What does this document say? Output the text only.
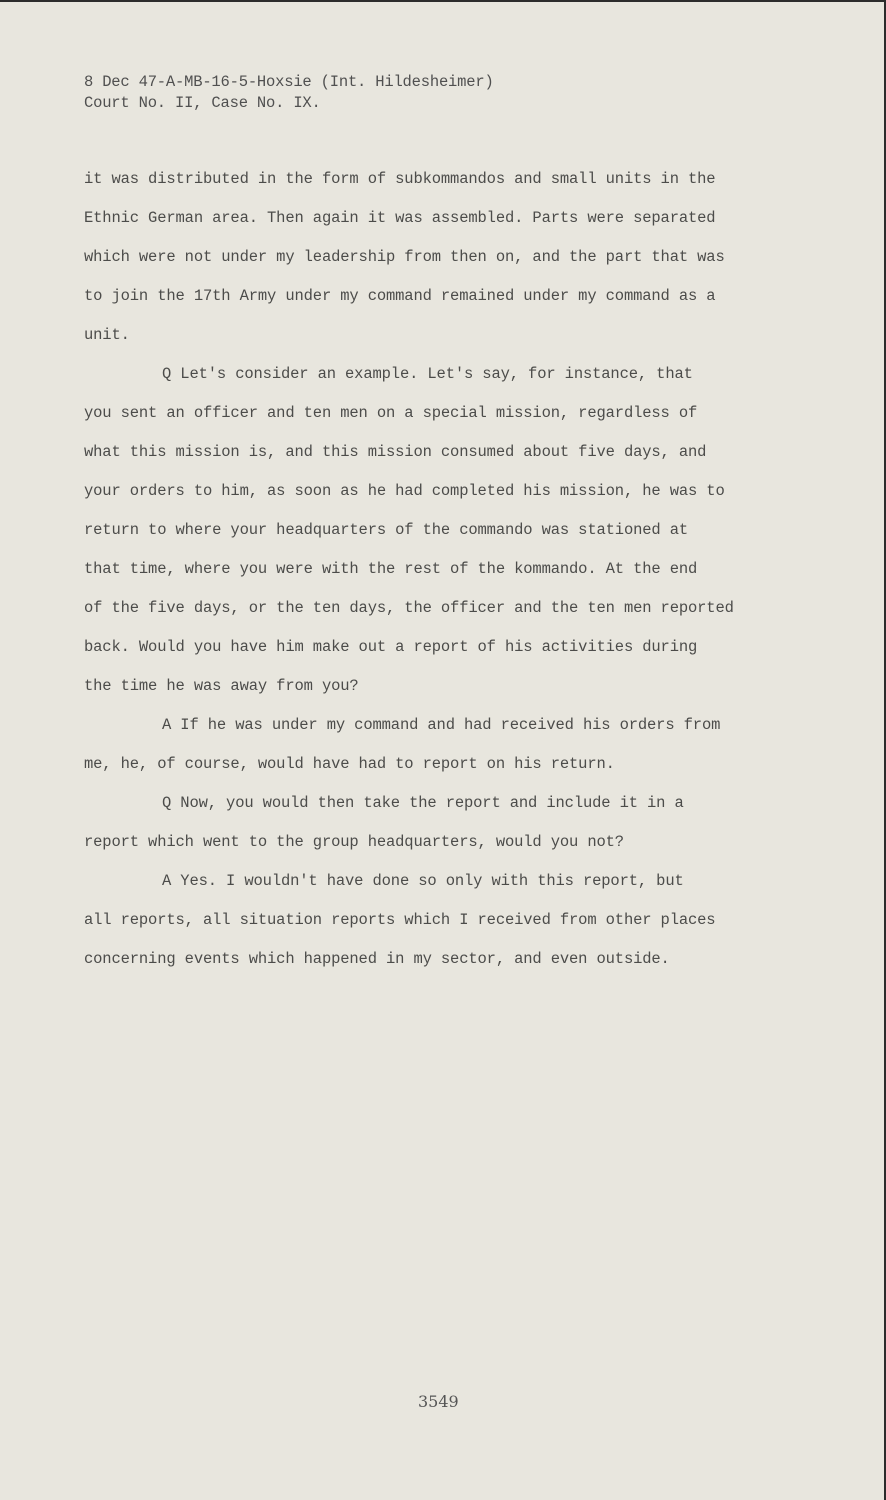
8 Dec 47-A-MB-16-5-Hoxsie (Int. Hildesheimer)
Court No. II, Case No. IX.
it was distributed in the form of subkommandos and small units in the
Ethnic German area. Then again it was assembled. Parts were separated
which were not under my leadership from then on, and the part that was
to join the 17th Army under my command remained under my command as a
unit.
Q Let's consider an example. Let's say, for instance, that
you sent an officer and ten men on a special mission, regardless of
what this mission is, and this mission consumed about five days, and
your orders to him, as soon as he had completed his mission, he was to
return to where your headquarters of the commando was stationed at
that time, where you were with the rest of the kommando. At the end
of the five days, or the ten days, the officer and the ten men reported
back. Would you have him make out a report of his activities during
the time he was away from you?
A If he was under my command and had received his orders from
me, he, of course, would have had to report on his return.
Q Now, you would then take the report and include it in a
report which went to the group headquarters, would you not?
A Yes. I wouldn't have done so only with this report, but
all reports, all situation reports which I received from other places
concerning events which happened in my sector, and even outside.
3549
